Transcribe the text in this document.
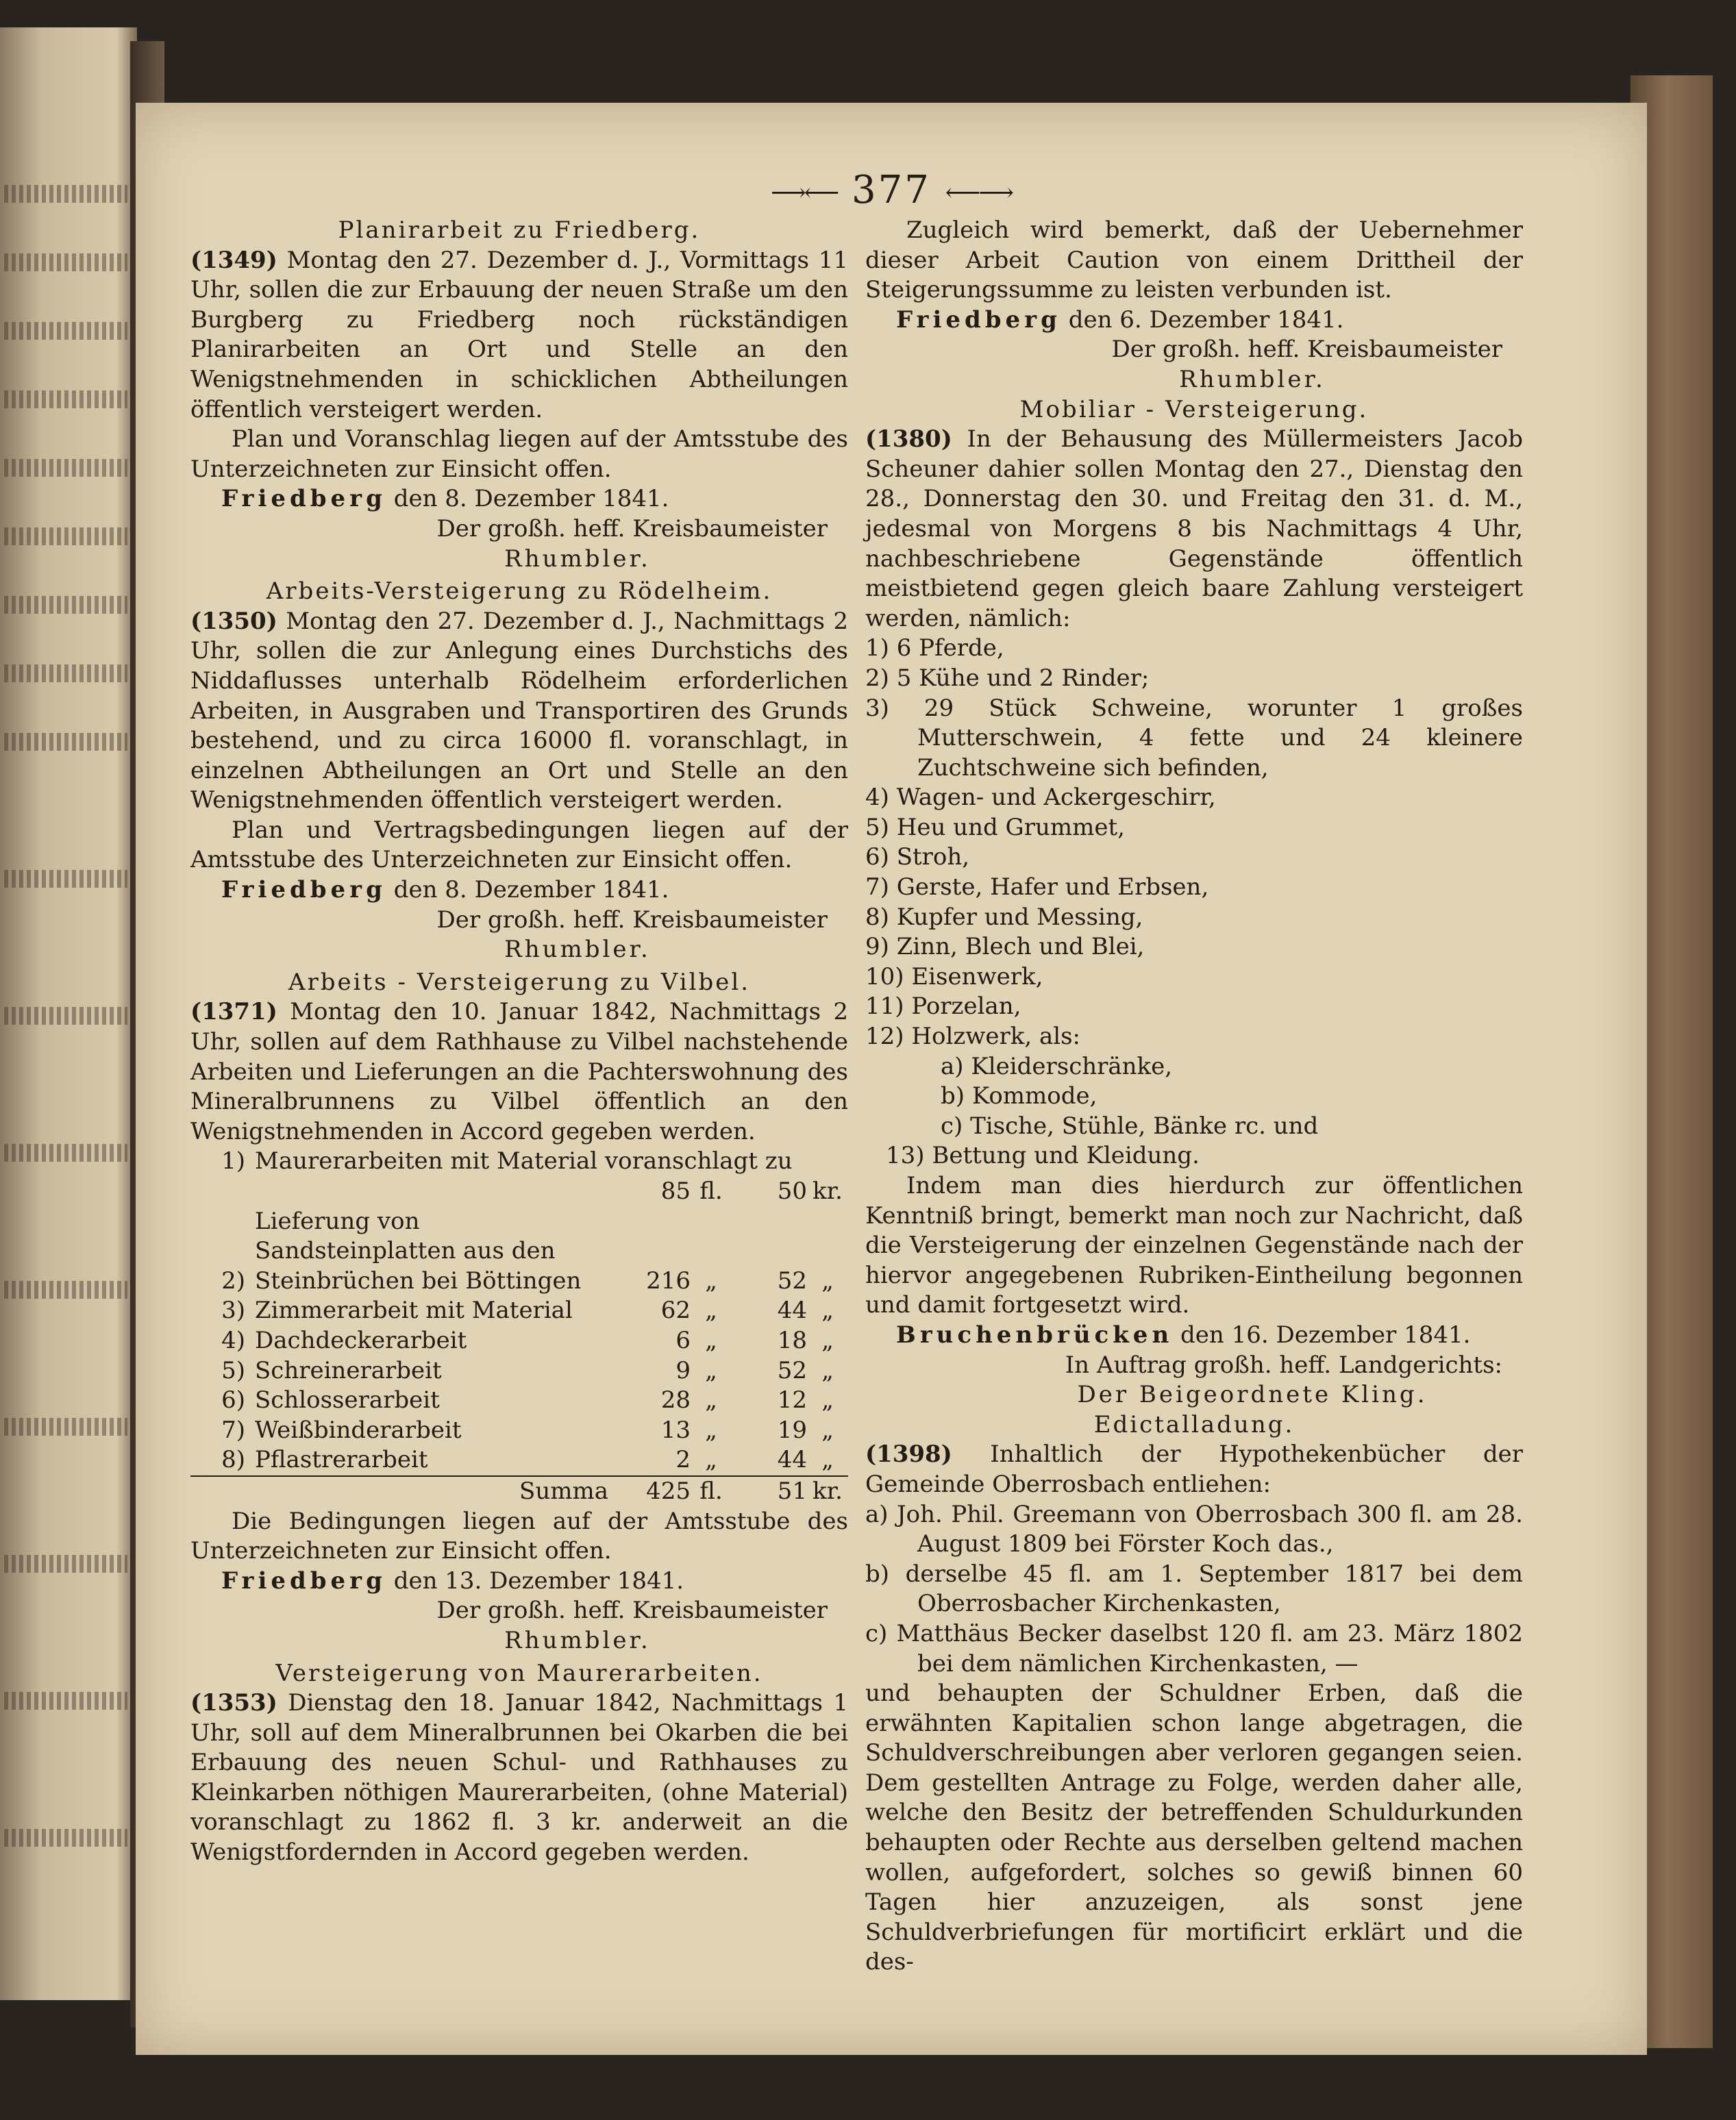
⟶⟵ 377 ⟵⟶
Planirarbeit zu Friedberg.

(1349) Montag den 27. Dezember d. J., Vormittags 11 Uhr, sollen die zur Erbauung der neuen Straße um den Burgberg zu Friedberg noch rückständigen Planirarbeiten an Ort und Stelle an den Wenigstnehmenden in schicklichen Abtheilungen öffentlich versteigert werden.

Plan und Voranschlag liegen auf der Amtsstube des Unterzeichneten zur Einsicht offen.

Friedberg den 8. Dezember 1841.
Der großh. heff. Kreisbaumeister
Rhumbler.
Arbeits-Versteigerung zu Rödelheim.

(1350) Montag den 27. Dezember d. J., Nachmittags 2 Uhr, sollen die zur Anlegung eines Durchstichs des Niddaflusses unterhalb Rödelheim erforderlichen Arbeiten, in Ausgraben und Transportiren des Grunds bestehend, und zu circa 16000 fl. voranschlagt, in einzelnen Abtheilungen an Ort und Stelle an den Wenigstnehmenden öffentlich versteigert werden.

Plan und Vertragsbedingungen liegen auf der Amtsstube des Unterzeichneten zur Einsicht offen.

Friedberg den 8. Dezember 1841.
Der großh. heff. Kreisbaumeister
Rhumbler.
Arbeits - Versteigerung zu Vilbel.

(1371) Montag den 10. Januar 1842, Nachmittags 2 Uhr, sollen auf dem Rathhause zu Vilbel nachstehende Arbeiten und Lieferungen an die Pachterswohnung des Mineralbrunnens zu Vilbel öffentlich an den Wenigstnehmenden in Accord gegeben werden.

1)	Maurerarbeiten mit Material voranschlagt zu				
		85	fl.	50	kr.
2)	Lieferung von Sandsteinplatten aus den Steinbrüchen bei Böttingen	216	„	52	„
3)	Zimmerarbeit mit Material	62	„	44	„
4)	Dachdeckerarbeit	6	„	18	„
5)	Schreinerarbeit	9	„	52	„
6)	Schlosserarbeit	28	„	12	„
7)	Weißbinderarbeit	13	„	19	„
8)	Pflastrerarbeit	2	„	44	„
	Summa	425	fl.	51	kr.

Die Bedingungen liegen auf der Amtsstube des Unterzeichneten zur Einsicht offen.

Friedberg den 13. Dezember 1841.
Der großh. heff. Kreisbaumeister
Rhumbler.
Versteigerung von Maurerarbeiten.

(1353) Dienstag den 18. Januar 1842, Nachmittags 1 Uhr, soll auf dem Mineralbrunnen bei Okarben die bei Erbauung des neuen Schul- und Rathhauses zu Kleinkarben nöthigen Maurerarbeiten, (ohne Material) voranschlagt zu 1862 fl. 3 kr. anderweit an die Wenigstfordernden in Accord gegeben werden.

Zugleich wird bemerkt, daß der Uebernehmer dieser Arbeit Caution von einem Drittheil der Steigerungssumme zu leisten verbunden ist.

Friedberg den 6. Dezember 1841.
Der großh. heff. Kreisbaumeister
Rhumbler.
Mobiliar - Versteigerung.

(1380) In der Behausung des Müllermeisters Jacob Scheuner dahier sollen Montag den 27., Dienstag den 28., Donnerstag den 30. und Freitag den 31. d. M., jedesmal von Morgens 8 bis Nachmittags 4 Uhr, nachbeschriebene Gegenstände öffentlich meistbietend gegen gleich baare Zahlung versteigert werden, nämlich:

1) 6 Pferde,
2) 5 Kühe und 2 Rinder;
3) 29 Stück Schweine, worunter 1 großes Mutterschwein, 4 fette und 24 kleinere Zuchtschweine sich befinden,
4) Wagen- und Ackergeschirr,
5) Heu und Grummet,
6) Stroh,
7) Gerste, Hafer und Erbsen,
8) Kupfer und Messing,
9) Zinn, Blech und Blei,
10) Eisenwerk,
11) Porzelan,
12) Holzwerk, als:
a) Kleiderschränke,
b) Kommode,
c) Tische, Stühle, Bänke rc. und
13) Bettung und Kleidung.

Indem man dies hierdurch zur öffentlichen Kenntniß bringt, bemerkt man noch zur Nachricht, daß die Versteigerung der einzelnen Gegenstände nach der hiervor angegebenen Rubriken-Eintheilung begonnen und damit fortgesetzt wird.

Bruchenbrücken den 16. Dezember 1841.
In Auftrag großh. heff. Landgerichts:
Der Beigeordnete Kling.
Edictalladung.

(1398) Inhaltlich der Hypothekenbücher der Gemeinde Oberrosbach entliehen:

a) Joh. Phil. Greemann von Oberrosbach 300 fl. am 28. August 1809 bei Förster Koch das.,
b) derselbe 45 fl. am 1. September 1817 bei dem Oberrosbacher Kirchenkasten,
c) Matthäus Becker daselbst 120 fl. am 23. März 1802 bei dem nämlichen Kirchenkasten, —

und behaupten der Schuldner Erben, daß die erwähnten Kapitalien schon lange abgetragen, die Schuldverschreibungen aber verloren gegangen seien. Dem gestellten Antrage zu Folge, werden daher alle, welche den Besitz der betreffenden Schuldurkunden behaupten oder Rechte aus derselben geltend machen wollen, aufgefordert, solches so gewiß binnen 60 Tagen hier anzuzeigen, als sonst jene Schuldverbriefungen für mortificirt erklärt und die des-
